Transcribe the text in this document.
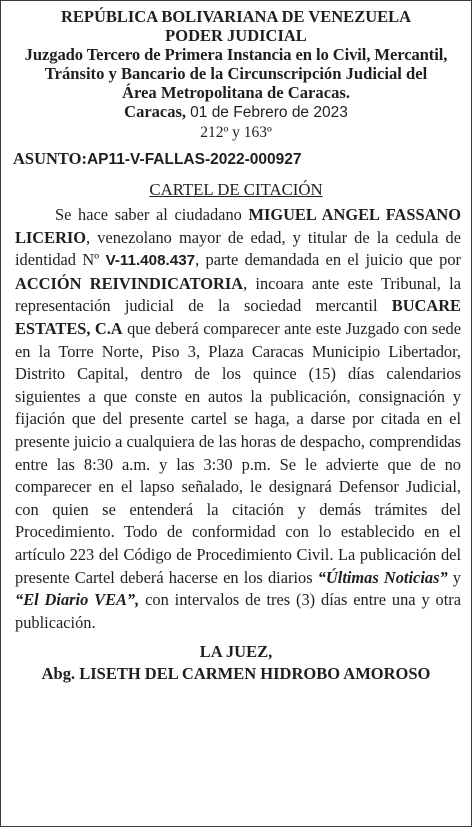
REPÚBLICA BOLIVARIANA DE VENEZUELA
PODER JUDICIAL
Juzgado Tercero de Primera Instancia en lo Civil, Mercantil,
Tránsito y Bancario de la Circunscripción Judicial del
Área Metropolitana de Caracas.
Caracas, 01 de Febrero de 2023
212º y 163º
ASUNTO:AP11-V-FALLAS-2022-000927
CARTEL DE CITACIÓN

Se hace saber al ciudadano MIGUEL ANGEL FASSANO LICERIO, venezolano mayor de edad, y titular de la cedula de identidad Nº V-11.408.437, parte demandada en el juicio que por ACCIÓN REIVINDICATORIA, incoara ante este Tribunal, la representación judicial de la sociedad mercantil BUCARE ESTATES, C.A que deberá comparecer ante este Juzgado con sede en la Torre Norte, Piso 3, Plaza Caracas Municipio Libertador, Distrito Capital, dentro de los quince (15) días calendarios siguientes a que conste en autos la publicación, consignación y fijación que del presente cartel se haga, a darse por citada en el presente juicio a cualquiera de las horas de despacho, comprendidas entre las 8:30 a.m. y las 3:30 p.m. Se le advierte que de no comparecer en el lapso señalado, le designará Defensor Judicial, con quien se entenderá la citación y demás trámites del Procedimiento. Todo de conformidad con lo establecido en el artículo 223 del Código de Procedimiento Civil. La publicación del presente Cartel deberá hacerse en los diarios “Últimas Noticias” y “El Diario VEA”, con intervalos de tres (3) días entre una y otra publicación.

LA JUEZ,
Abg. LISETH DEL CARMEN HIDROBO AMOROSO
